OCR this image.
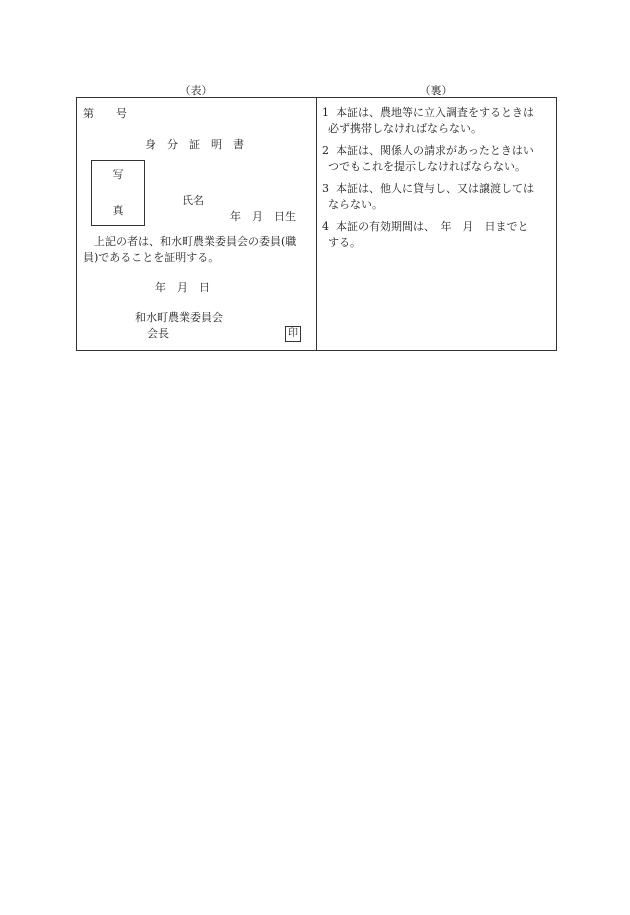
（表）	（裏）
第　　号
身　分　証　明　書
写
真
氏名
年　月　日生
上記の者は、和水町農業委員会の委員(職
員)であることを証明する。
年　月　日
和水町農業委員会
会長	印
1 本証は、農地等に立入調査をするときは
必ず携帯しなければならない。
2 本証は、関係人の請求があったときはい
つでもこれを提示しなければならない。
3 本証は、他人に貸与し、又は譲渡しては
ならない。
4 本証の有効期間は、　年　月　日までと
する。
